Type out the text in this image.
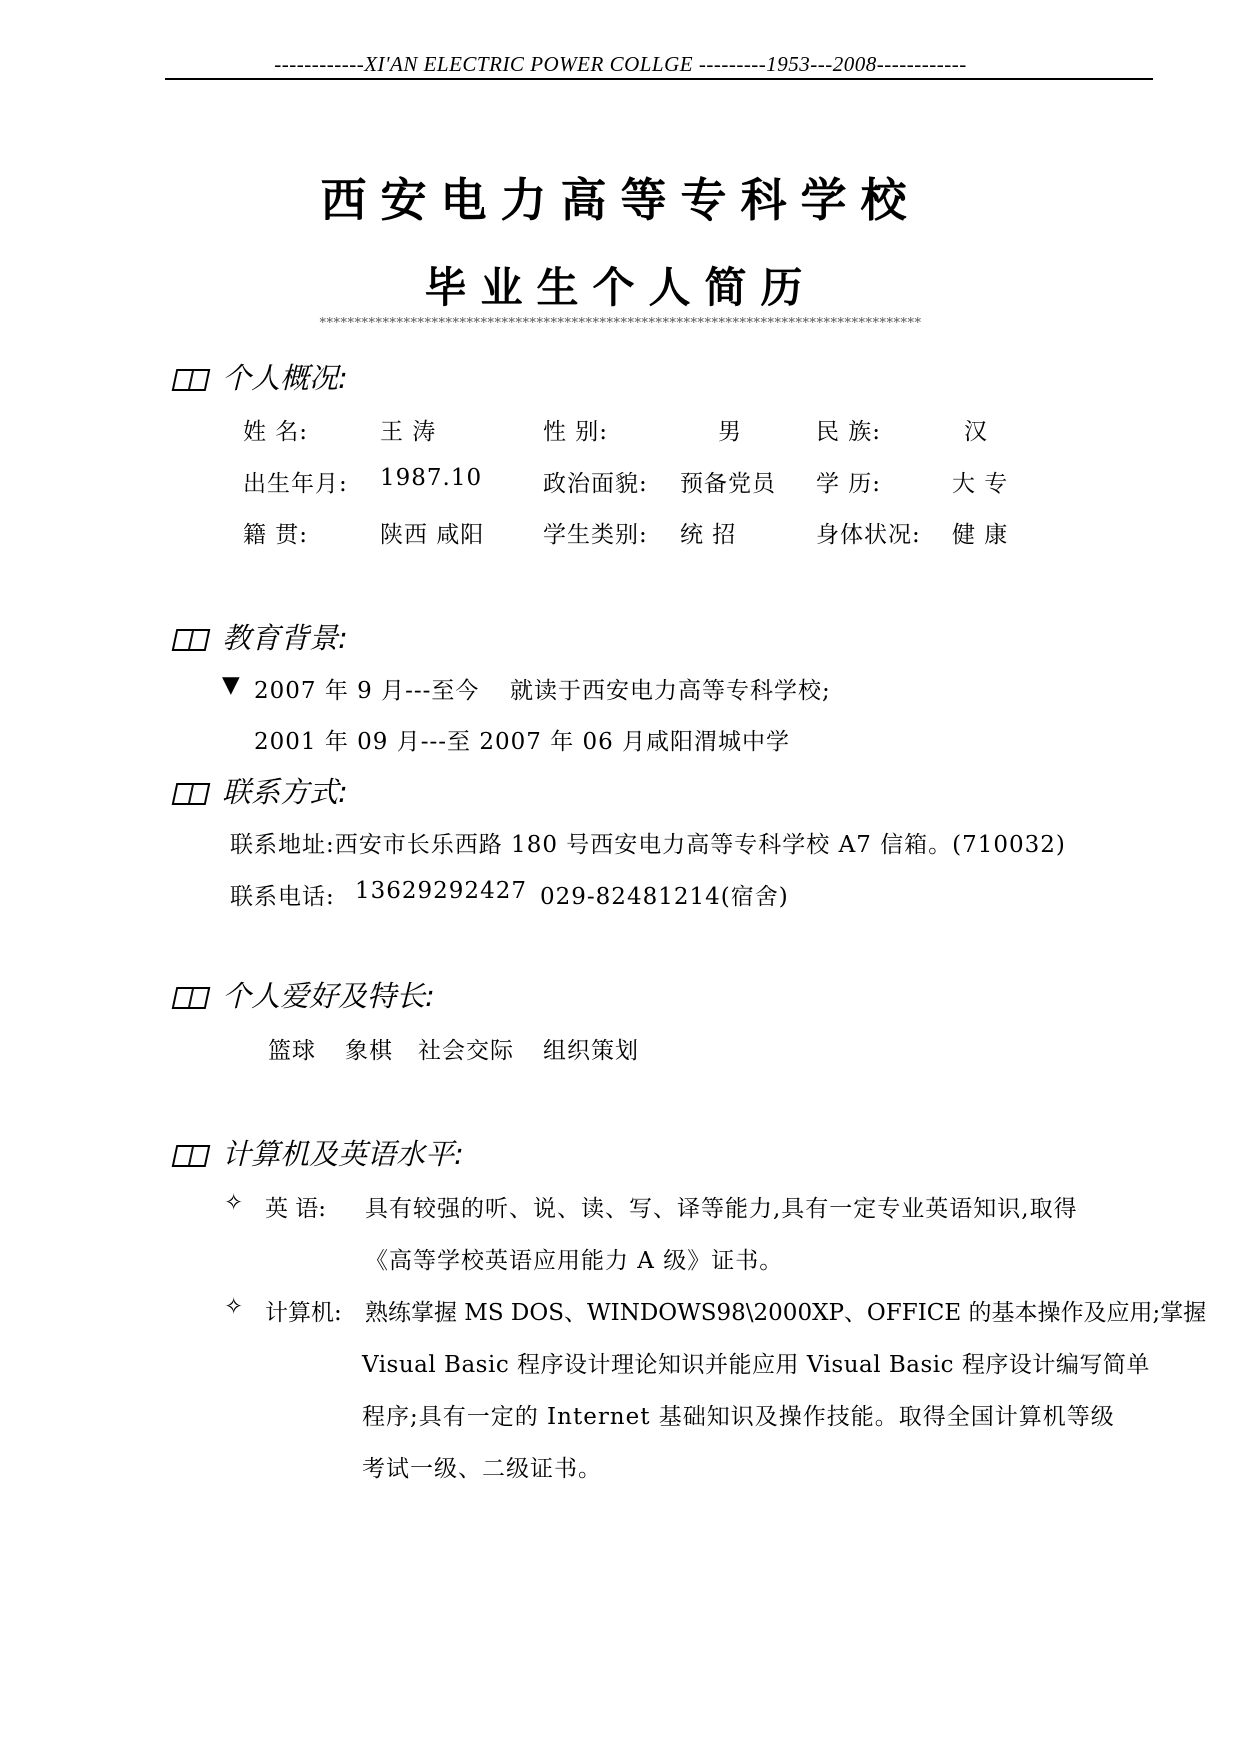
------------XI'AN ELECTRIC POWER COLLGE ---------1953---2008------------
西安电力高等专科学校
毕业生个人简历
**************************************************************************************
个人概况:
姓 名:	王 涛	性 别:	男	民 族:	汉
出生年月: 1987.10	政治面貌: 预备党员 学 历:	大 专
籍 贯:	陕西 咸阳	学生类别: 统 招	身体状况: 健 康
教育背景:
▼ 2007 年 9 月---至今 就读于西安电力高等专科学校;
2001 年 09 月---至 2007 年 06 月 咸阳渭城中学
联系方式:
联系地址:西安市长乐西路 180 号西安电力高等专科学校 A7 信箱。(710032)
联系电话: 13629292427 029-82481214(宿舍)
个人爱好及特长:
篮球 象棋 社会交际 组织策划
计算机及英语水平:
✧ 英 语: 具有较强的听、说、读、写、译等能力,具有一定专业英语知识,取得
《高等学校英语应用能力 A 级》证书。
✧ 计算机: 熟练掌握 MS DOS、WINDOWS98\2000XP、OFFICE 的基本操作及应用;掌握
Visual Basic 程序设计理论知识并能应用 Visual Basic 程序设计编写简单
程序;具有一定的 Internet 基础知识及操作技能。取得全国计算机等级
考试一级、二级证书。
